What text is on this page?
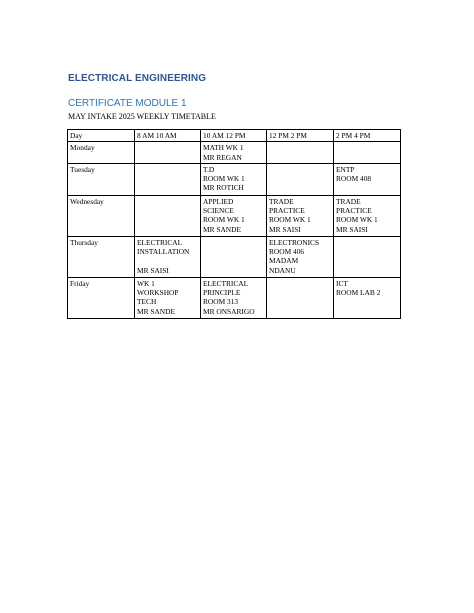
ELECTRICAL ENGINEERING
CERTIFICATE MODULE 1
MAY INTAKE 2025 WEEKLY TIMETABLE
Day	8 AM 10 AM	10 AM 12 PM	12 PM 2 PM	2 PM 4 PM
Monday		MATH WK 1
MR REGAN		
Tuesday		T.D
ROOM WK 1
MR ROTICH		ENTP
ROOM 408
Wednesday		APPLIED
SCIENCE
ROOM WK 1
MR SANDE	TRADE
PRACTICE
ROOM WK 1
MR SAISI	TRADE
PRACTICE
ROOM WK 1
MR SAISI
Thursday	ELECTRICAL
INSTALLATION

MR SAISI		ELECTRONICS
ROOM 406
MADAM
NDANU	
Friday	WK 1
WORKSHOP
TECH
MR SANDE	ELECTRICAL
PRINCIPLE
ROOM 313
MR ONSARIGO		ICT
ROOM LAB 2
